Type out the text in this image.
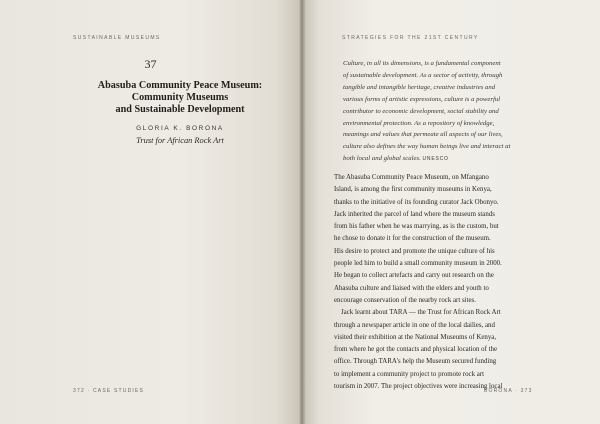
SUSTAINABLE MUSEUMS
37
Abasuba Community Peace Museum:
Community Museums
and Sustainable Development
GLORIA K. BORONA
Trust for African Rock Art
372 · CASE STUDIES
STRATEGIES FOR THE 21ST CENTURY
Culture, in all its dimensions, is a fundamental component
of sustainable development. As a sector of activity, through
tangible and intangible heritage, creative industries and
various forms of artistic expressions, culture is a powerful
contributor to economic development, social stability and
environmental protection. As a repository of knowledge,
meanings and values that permeate all aspects of our lives,
culture also defines the way human beings live and interact at
both local and global scales. UNESCO
The Abasuba Community Peace Museum, on Mfangano
Island, is among the first community museums in Kenya,
thanks to the initiative of its founding curator Jack Obonyo.
Jack inherited the parcel of land where the museum stands
from his father when he was marrying, as is the custom, but
he chose to donate it for the construction of the museum.
His desire to protect and promote the unique culture of his
people led him to build a small community museum in 2000.
He began to collect artefacts and carry out research on the
Abasuba culture and liaised with the elders and youth to
encourage conservation of the nearby rock art sites.
Jack learnt about TARA — the Trust for African Rock Art
through a newspaper article in one of the local dailies, and
visited their exhibition at the National Museums of Kenya,
from where he got the contacts and physical location of the
office. Through TARA's help the Museum secured funding
to implement a community project to promote rock art
tourism in 2007. The project objectives were increasing local
BORONA · 373
